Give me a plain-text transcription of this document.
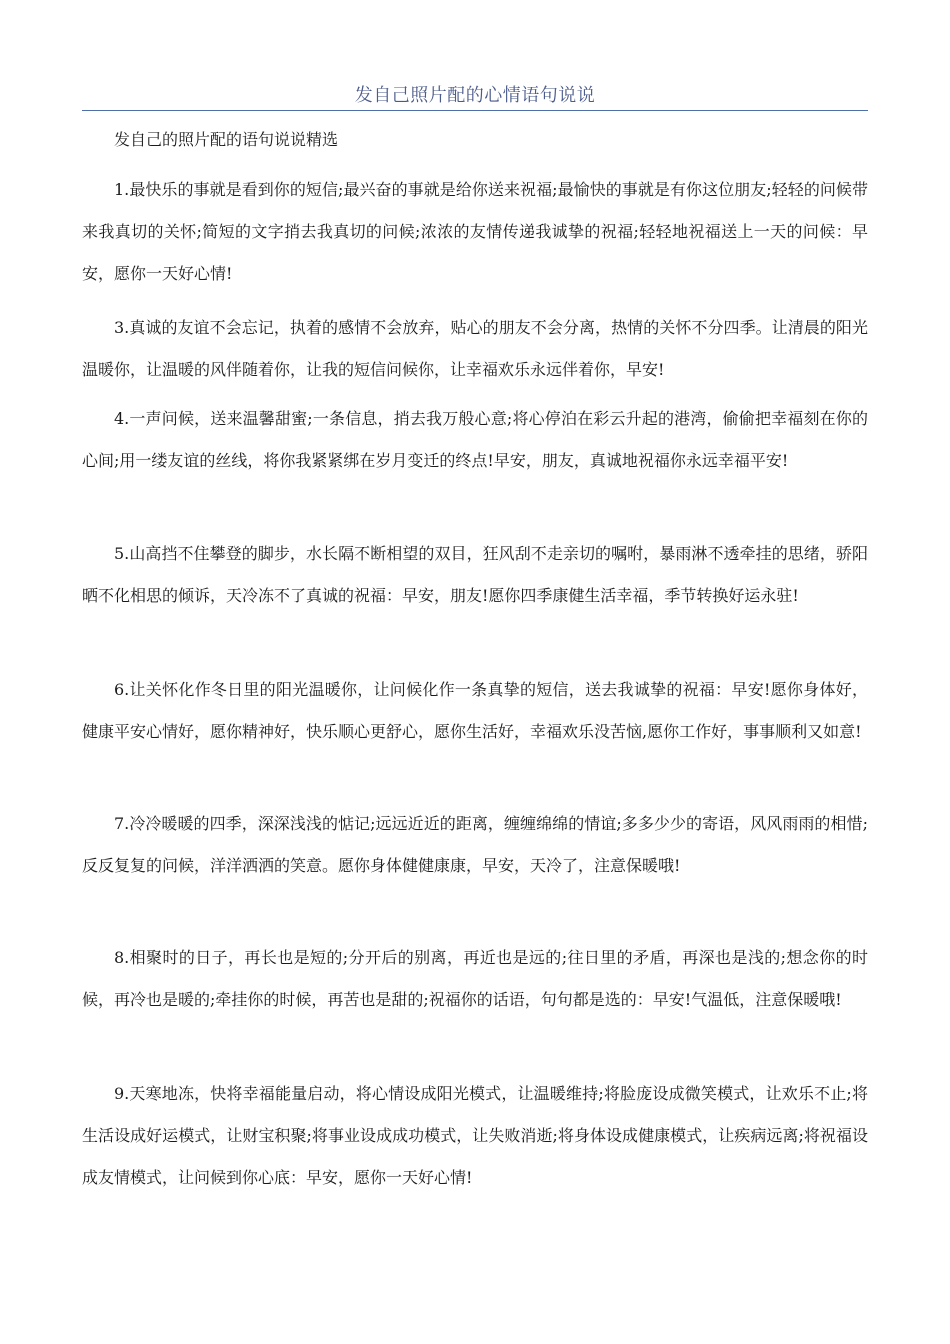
发自己照片配的心情语句说说
发自己的照片配的语句说说精选

1.最快乐的事就是看到你的短信;最兴奋的事就是给你送来祝福;最愉快的事就是有你这位朋友;轻轻的问候带来我真切的关怀;简短的文字捎去我真切的问候;浓浓的友情传递我诚挚的祝福;轻轻地祝福送上一天的问候：早安，愿你一天好心情!

3.真诚的友谊不会忘记，执着的感情不会放弃，贴心的朋友不会分离，热情的关怀不分四季。让清晨的阳光温暖你，让温暖的风伴随着你，让我的短信问候你，让幸福欢乐永远伴着你，早安!

4.一声问候，送来温馨甜蜜;一条信息，捎去我万般心意;将心停泊在彩云升起的港湾，偷偷把幸福刻在你的心间;用一缕友谊的丝线，将你我紧紧绑在岁月变迁的终点!早安，朋友，真诚地祝福你永远幸福平安!

5.山高挡不住攀登的脚步，水长隔不断相望的双目，狂风刮不走亲切的嘱咐，暴雨淋不透牵挂的思绪，骄阳晒不化相思的倾诉，天冷冻不了真诚的祝福：早安，朋友!愿你四季康健生活幸福，季节转换好运永驻!

6.让关怀化作冬日里的阳光温暖你，让问候化作一条真挚的短信，送去我诚挚的祝福：早安!愿你身体好，健康平安心情好，愿你精神好，快乐顺心更舒心，愿你生活好，幸福欢乐没苦恼,愿你工作好，事事顺利又如意!

7.冷冷暖暖的四季，深深浅浅的惦记;远远近近的距离，缠缠绵绵的情谊;多多少少的寄语，风风雨雨的相惜;反反复复的问候，洋洋洒洒的笑意。愿你身体健健康康，早安，天冷了，注意保暖哦!

8.相聚时的日子，再长也是短的;分开后的别离，再近也是远的;往日里的矛盾，再深也是浅的;想念你的时候，再冷也是暖的;牵挂你的时候，再苦也是甜的;祝福你的话语，句句都是选的：早安!气温低，注意保暖哦!

9.天寒地冻，快将幸福能量启动，将心情设成阳光模式，让温暖维持;将脸庞设成微笑模式，让欢乐不止;将生活设成好运模式，让财宝积聚;将事业设成成功模式，让失败消逝;将身体设成健康模式，让疾病远离;将祝福设成友情模式，让问候到你心底：早安，愿你一天好心情!
